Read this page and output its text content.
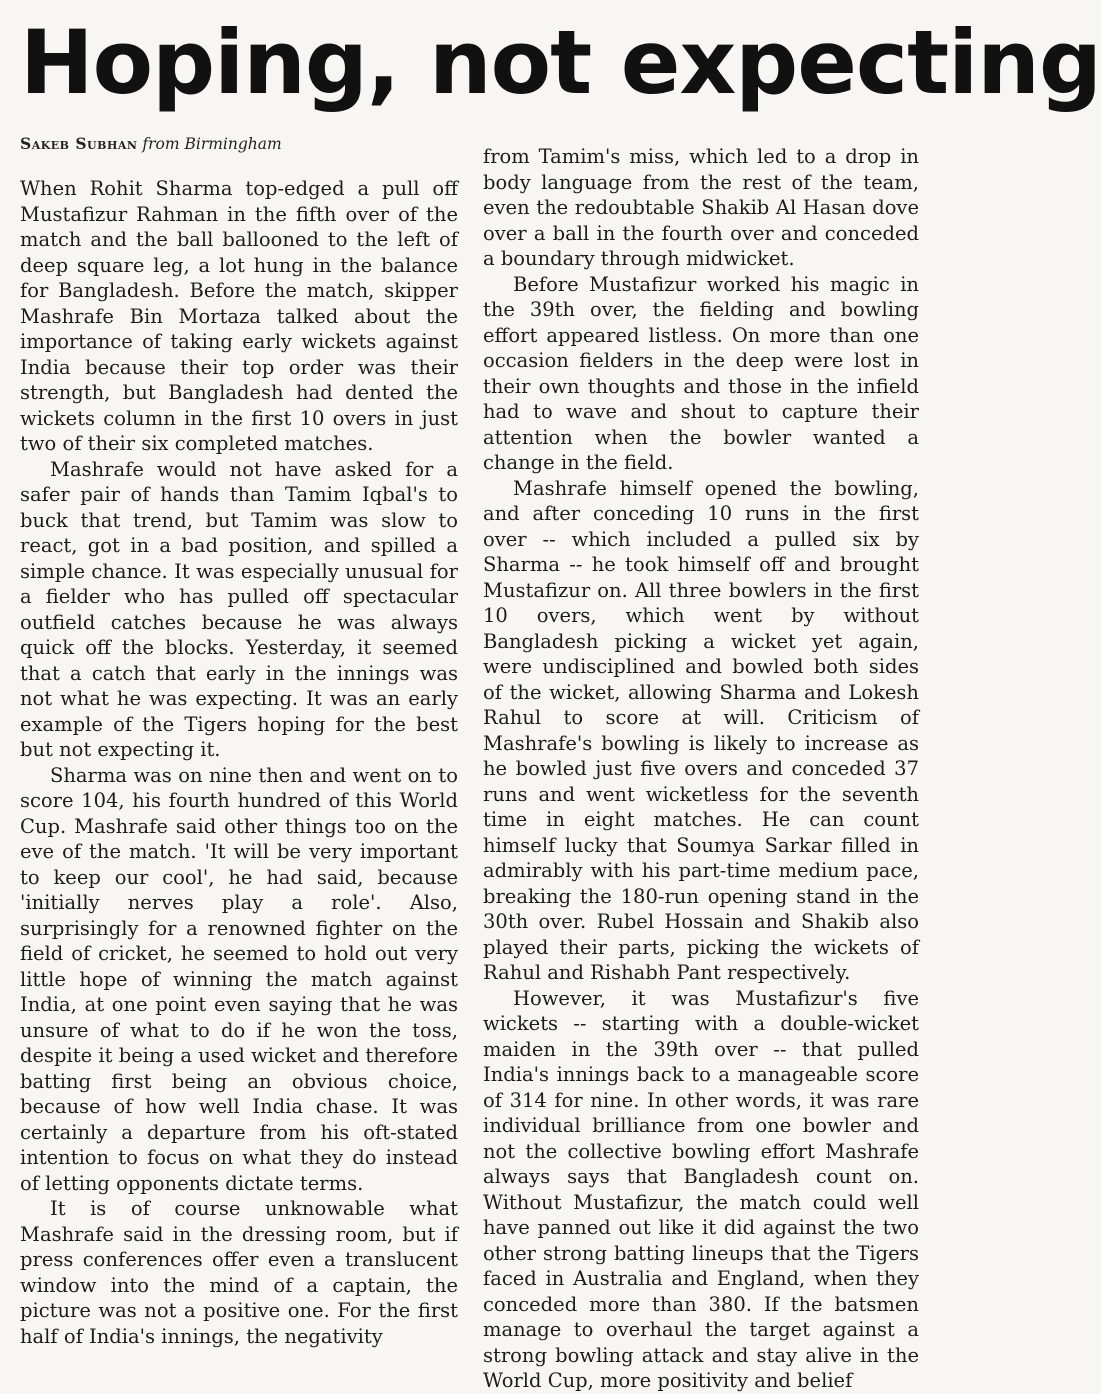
Hoping, not expecting
Sakeb Subhan from Birmingham

When Rohit Sharma top-edged a pull off Mustafizur Rahman in the fifth over of the match and the ball ballooned to the left of deep square leg, a lot hung in the balance for Bangladesh. Before the match, skipper Mashrafe Bin Mortaza talked about the importance of taking early wickets against India because their top order was their strength, but Bangladesh had dented the wickets column in the first 10 overs in just two of their six completed matches.

Mashrafe would not have asked for a safer pair of hands than Tamim Iqbal's to buck that trend, but Tamim was slow to react, got in a bad position, and spilled a simple chance. It was especially unusual for a fielder who has pulled off spectacular outfield catches because he was always quick off the blocks. Yesterday, it seemed that a catch that early in the innings was not what he was expecting. It was an early example of the Tigers hoping for the best but not expecting it.

Sharma was on nine then and went on to score 104, his fourth hundred of this World Cup. Mashrafe said other things too on the eve of the match. 'It will be very important to keep our cool', he had said, because 'initially nerves play a role'. Also, surprisingly for a renowned fighter on the field of cricket, he seemed to hold out very little hope of winning the match against India, at one point even saying that he was unsure of what to do if he won the toss, despite it being a used wicket and therefore batting first being an obvious choice, because of how well India chase. It was certainly a departure from his oft-stated intention to focus on what they do instead of letting opponents dictate terms.

It is of course unknowable what Mashrafe said in the dressing room, but if press conferences offer even a translucent window into the mind of a captain, the picture was not a positive one. For the first half of India's innings, the negativity

from Tamim's miss, which led to a drop in body language from the rest of the team, even the redoubtable Shakib Al Hasan dove over a ball in the fourth over and conceded a boundary through midwicket.

Before Mustafizur worked his magic in the 39th over, the fielding and bowling effort appeared listless. On more than one occasion fielders in the deep were lost in their own thoughts and those in the infield had to wave and shout to capture their attention when the bowler wanted a change in the field.

Mashrafe himself opened the bowling, and after conceding 10 runs in the first over -- which included a pulled six by Sharma -- he took himself off and brought Mustafizur on. All three bowlers in the first 10 overs, which went by without Bangladesh picking a wicket yet again, were undisciplined and bowled both sides of the wicket, allowing Sharma and Lokesh Rahul to score at will. Criticism of Mashrafe's bowling is likely to increase as he bowled just five overs and conceded 37 runs and went wicketless for the seventh time in eight matches. He can count himself lucky that Soumya Sarkar filled in admirably with his part-time medium pace, breaking the 180-run opening stand in the 30th over. Rubel Hossain and Shakib also played their parts, picking the wickets of Rahul and Rishabh Pant respectively.

However, it was Mustafizur's five wickets -- starting with a double-wicket maiden in the 39th over -- that pulled India's innings back to a manageable score of 314 for nine. In other words, it was rare individual brilliance from one bowler and not the collective bowling effort Mashrafe always says that Bangladesh count on. Without Mustafizur, the match could well have panned out like it did against the two other strong batting lineups that the Tigers faced in Australia and England, when they conceded more than 380. If the batsmen manage to overhaul the target against a strong bowling attack and stay alive in the World Cup, more positivity and belief
